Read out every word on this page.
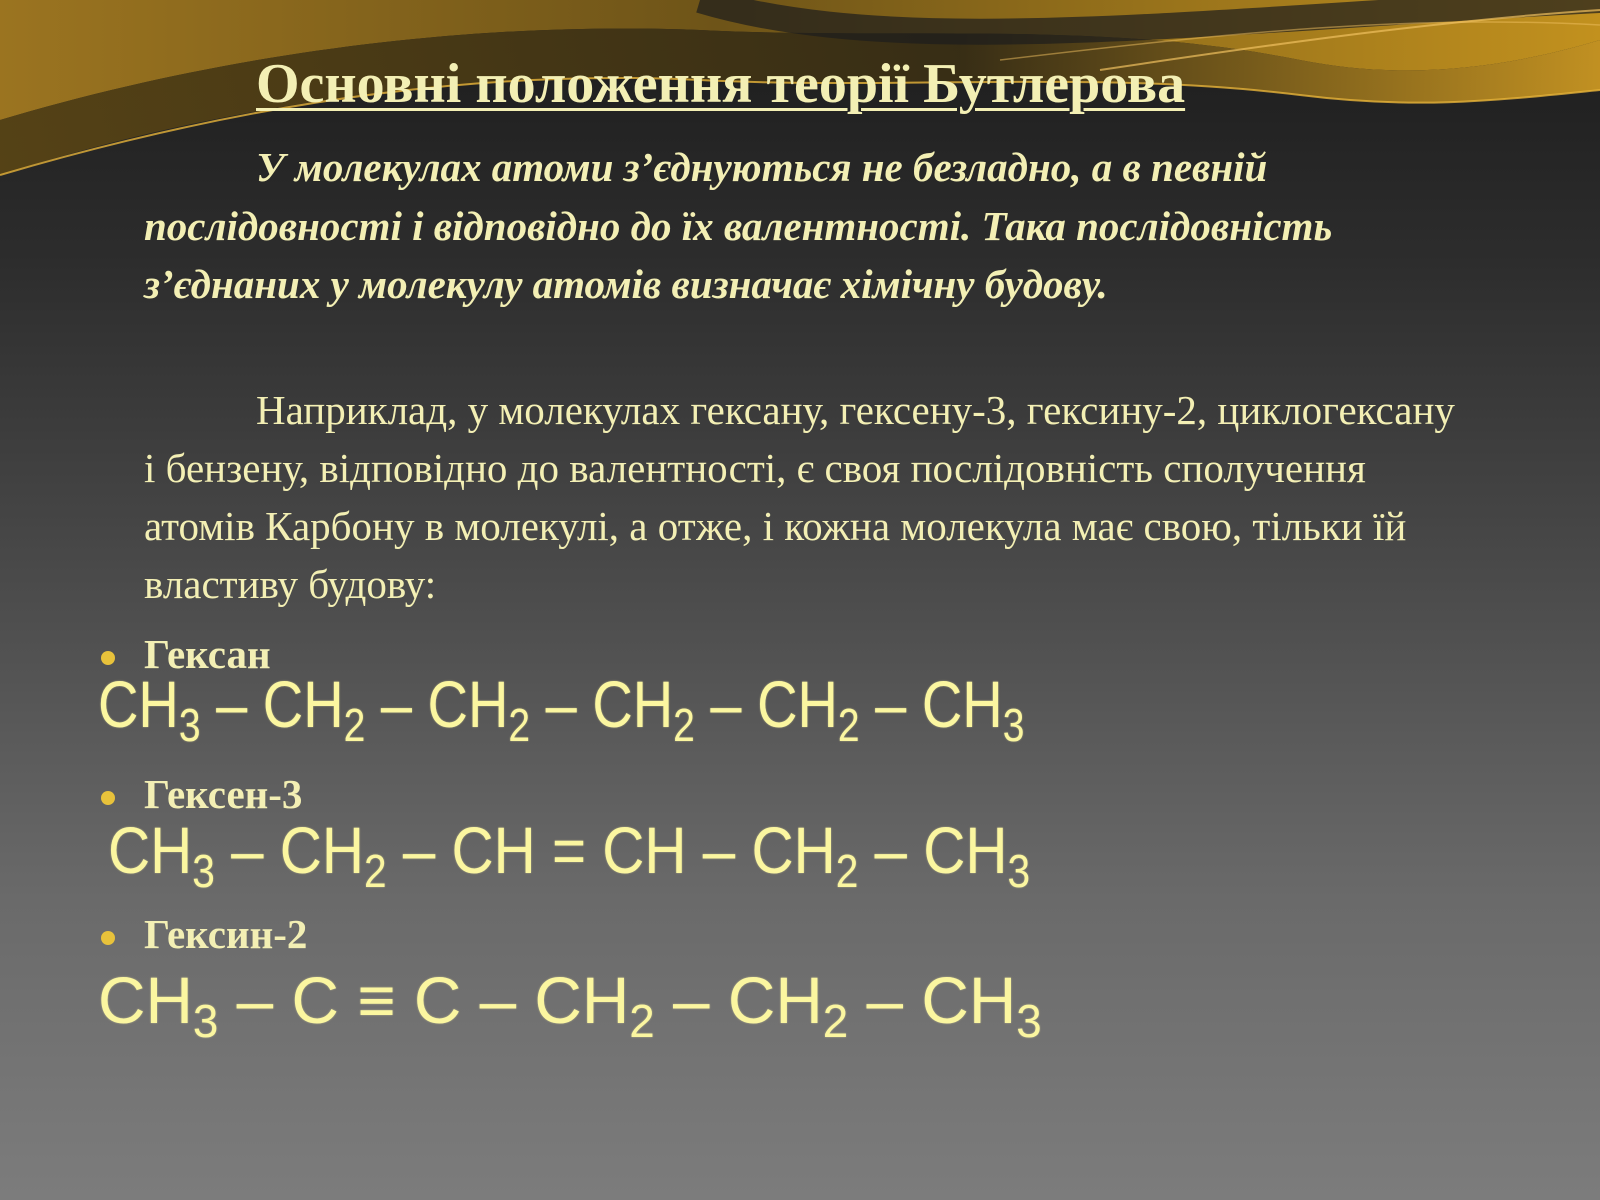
Основні положення теорії Бутлерова

У молекулах атоми з’єднуються не безладно, а в певній послідовності і відповідно до їх валентності. Така послідовність з’єднаних у молекулу атомів визначає хімічну будову.

Наприклад, у молекулах гексану, гексену-3, гексину-2, циклогексану і бензену, відповідно до валентності, є своя послідовність сполучення атомів Карбону в молекулі, а отже, і кожна молекула має свою, тільки їй властиву будову:

Гексан
$CH_3 - CH_2 - CH_2 - CH_2 - CH_2 - CH_3$
Гексен-3
$CH_3 - CH_2$ – CH = CH – $CH_2 - CH_3$
Гексин-2
$CH_3 - C \equiv C - CH_2 - CH_2 - CH_3$
